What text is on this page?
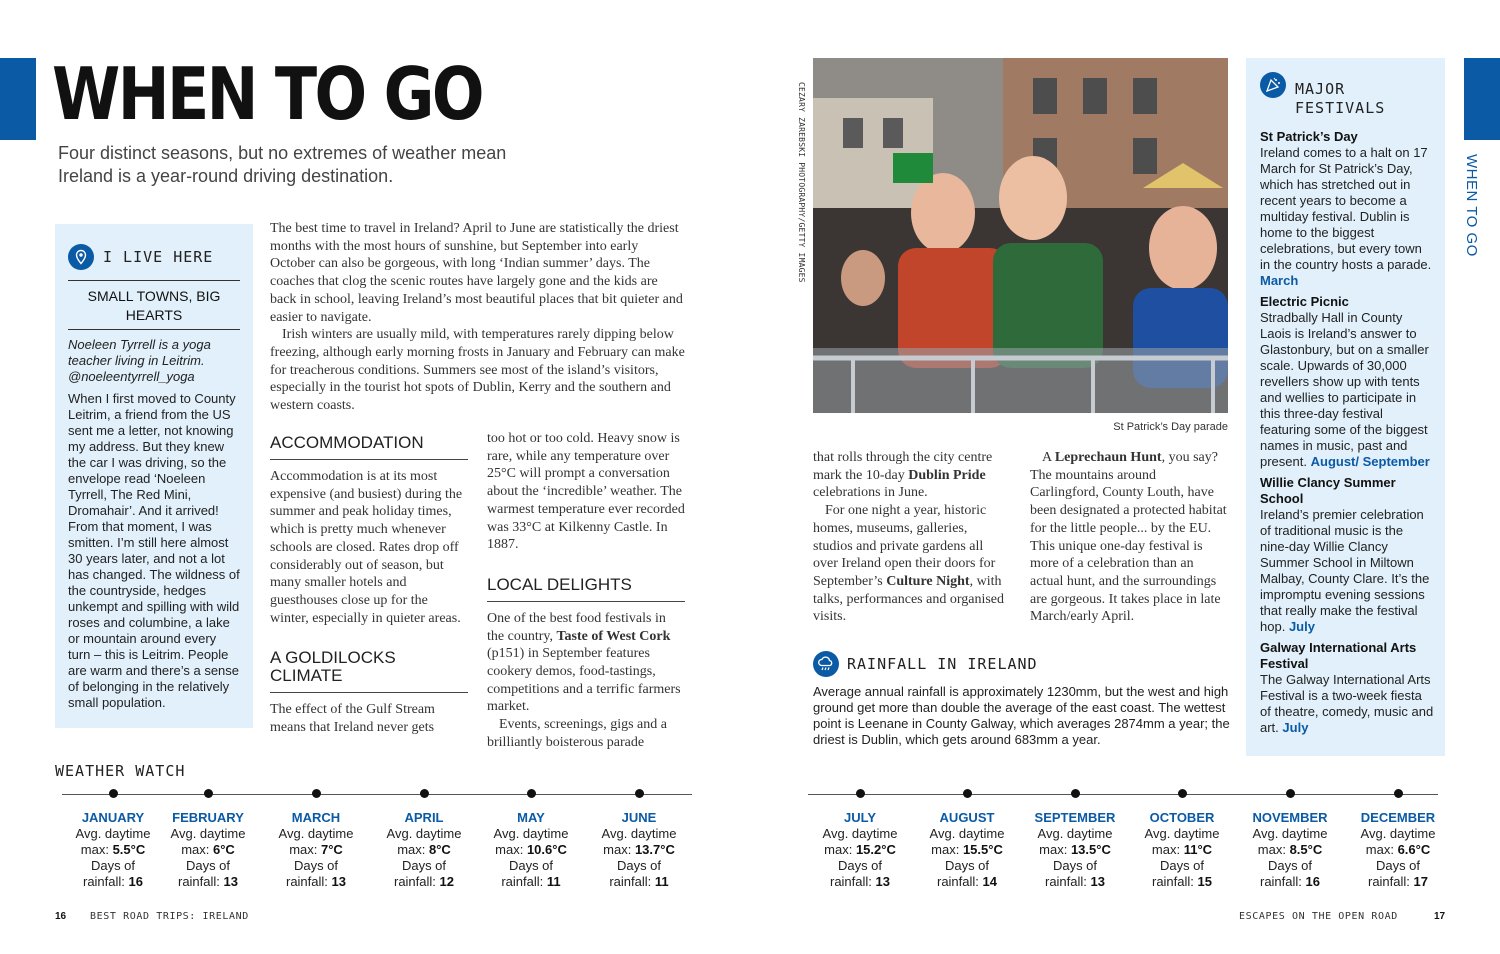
WHEN TO GO
WHEN TO GO

Four distinct seasons, but no extremes of weather mean Ireland is a year-round driving destination.

I LIVE HERE
SMALL TOWNS, BIG HEARTS

Noeleen Tyrrell is a yoga teacher living in Leitrim. @noeleentyrrell_yoga

When I first moved to County Leitrim, a friend from the US sent me a letter, not knowing my address. But they knew the car I was driving, so the envelope read ‘Noeleen Tyrrell, The Red Mini, Dromahair’. And it arrived! From that moment, I was smitten. I’m still here almost 30 years later, and not a lot has changed. The wildness of the countryside, hedges unkempt and spilling with wild roses and columbine, a lake or mountain around every turn – this is Leitrim. People are warm and there’s a sense of belonging in the relatively small population.

The best time to travel in Ireland? April to June are statistically the driest months with the most hours of sunshine, but September into early October can also be gorgeous, with long ‘Indian summer’ days. The coaches that clog the scenic routes have largely gone and the kids are back in school, leaving Ireland’s most beautiful places that bit quieter and easier to navigate.

Irish winters are usually mild, with temperatures rarely dipping below freezing, although early morning frosts in January and February can make for treacherous conditions. Summers see most of the island’s visitors, especially in the tourist hot spots of Dublin, Kerry and the southern and western coasts.

ACCOMMODATION

Accommodation is at its most expensive (and busiest) during the summer and peak holiday times, which is pretty much whenever schools are closed. Rates drop off considerably out of season, but many smaller hotels and guesthouses close up for the winter, especially in quieter areas.

A GOLDILOCKS CLIMATE

The effect of the Gulf Stream means that Ireland never gets

too hot or too cold. Heavy snow is rare, while any temperature over 25°C will prompt a conversation about the ‘incredible’ weather. The warmest temperature ever recorded was 33°C at Kilkenny Castle. In 1887.

LOCAL DELIGHTS

One of the best food festivals in the country, Taste of West Cork (p151) in September features cookery demos, food-tastings, competitions and a terrific farmers market.

Events, screenings, gigs and a brilliantly boisterous parade

CEZARY ZAREBSKI PHOTOGRAPHY/GETTY IMAGES
St Patrick’s Day parade

that rolls through the city centre mark the 10-day Dublin Pride celebrations in June.

For one night a year, historic homes, museums, galleries, studios and private gardens all over Ireland open their doors for September’s Culture Night, with talks, performances and organised visits.

A Leprechaun Hunt, you say? The mountains around Carlingford, County Louth, have been designated a protected habitat for the little people... by the EU. This unique one-day festival is more of a celebration than an actual hunt, and the surroundings are gorgeous. It takes place in late March/early April.

RAINFALL IN IRELAND

Average annual rainfall is approximately 1230mm, but the west and high ground get more than double the average of the east coast. The wettest point is Leenane in County Galway, which averages 2874mm a year; the driest is Dublin, which gets around 683mm a year.

MAJOR FESTIVALS
St Patrick’s Day
Ireland comes to a halt on 17 March for St Patrick’s Day, which has stretched out in recent years to become a multiday festival. Dublin is home to the biggest celebrations, but every town in the country hosts a parade. March
Electric Picnic
Stradbally Hall in County Laois is Ireland’s answer to Glastonbury, but on a smaller scale. Upwards of 30,000 revellers show up with tents and wellies to participate in this three-day festival featuring some of the biggest names in music, past and present. August/ September
Willie Clancy Summer School
Ireland’s premier celebration of traditional music is the nine-day Willie Clancy Summer School in Miltown Malbay, County Clare. It’s the impromptu evening sessions that really make the festival hop. July
Galway International Arts Festival
The Galway International Arts Festival is a two-week fiesta of theatre, comedy, music and art. July
WEATHER WATCH
JANUARY
Avg. daytime
max: 5.5°C
Days of
rainfall: 16
FEBRUARY
Avg. daytime
max: 6°C
Days of
rainfall: 13
MARCH
Avg. daytime
max: 7°C
Days of
rainfall: 13
APRIL
Avg. daytime
max: 8°C
Days of
rainfall: 12
MAY
Avg. daytime
max: 10.6°C
Days of
rainfall: 11
JUNE
Avg. daytime
max: 13.7°C
Days of
rainfall: 11
JULY
Avg. daytime
max: 15.2°C
Days of
rainfall: 13
AUGUST
Avg. daytime
max: 15.5°C
Days of
rainfall: 14
SEPTEMBER
Avg. daytime
max: 13.5°C
Days of
rainfall: 13
OCTOBER
Avg. daytime
max: 11°C
Days of
rainfall: 15
NOVEMBER
Avg. daytime
max: 8.5°C
Days of
rainfall: 16
DECEMBER
Avg. daytime
max: 6.6°C
Days of
rainfall: 17
16 BEST ROAD TRIPS: IRELAND	ESCAPES ON THE OPEN ROAD	17
